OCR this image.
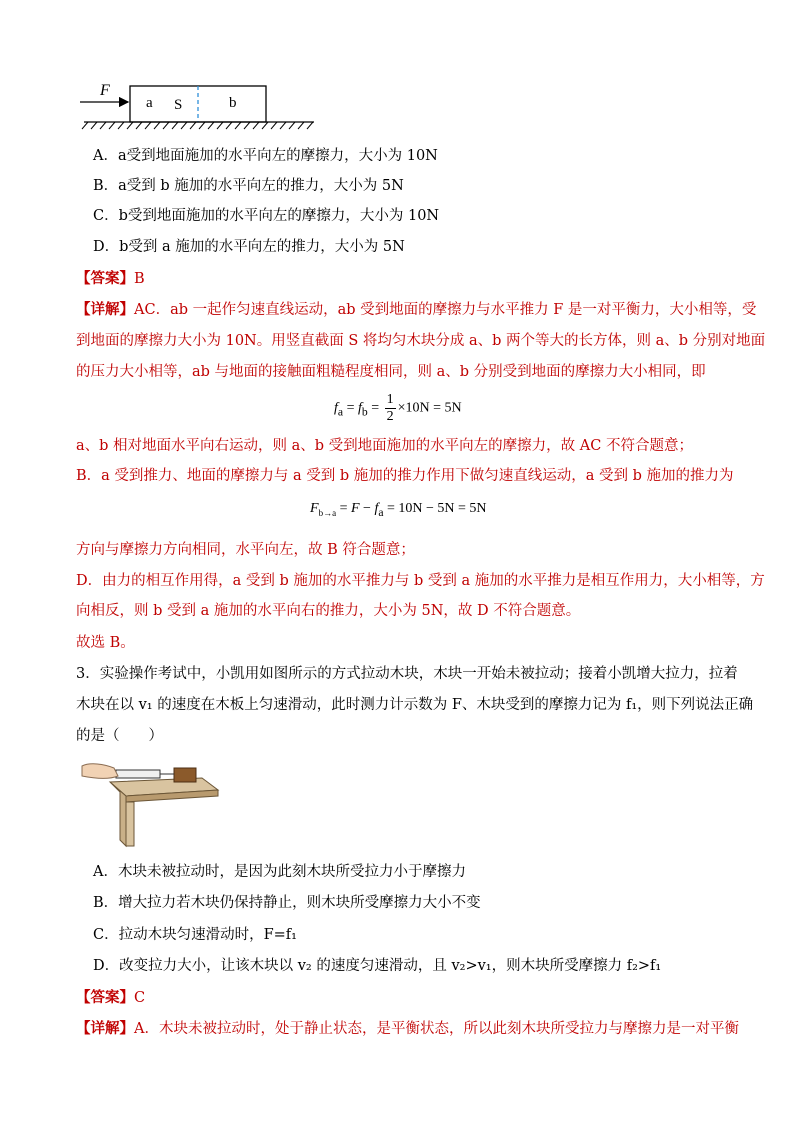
F
a S	b
A．a受到地面施加的水平向左的摩擦力，大小为 10N
B．a受到 b 施加的水平向左的推力，大小为 5N
C．b受到地面施加的水平向左的摩擦力，大小为 10N
D．b受到 a 施加的水平向左的推力，大小为 5N
【答案】B
【详解】AC．ab 一起作匀速直线运动，ab 受到地面的摩擦力与水平推力 F 是一对平衡力，大小相等，受
到地面的摩擦力大小为 10N。用竖直截面 S 将均匀木块分成 a、b 两个等大的长方体，则 a、b 分别对地面
的压力大小相等，ab 与地面的接触面粗糙程度相同，则 a、b 分别受到地面的摩擦力大小相同，即
$f_a = f_b = \frac{1}{2} \times 10N = 5N$
a、b 相对地面水平向右运动，则 a、b 受到地面施加的水平向左的摩擦力，故 AC 不符合题意；
B．a 受到推力、地面的摩擦力与 a 受到 b 施加的推力作用下做匀速直线运动，a 受到 b 施加的推力为
$F_{b\to a} = F - f_a = 10N - 5N = 5N$
方向与摩擦力方向相同，水平向左，故 B 符合题意；
D．由力的相互作用得，a 受到 b 施加的水平推力与 b 受到 a 施加的水平推力是相互作用力，大小相等，方
向相反，则 b 受到 a 施加的水平向右的推力，大小为 5N，故 D 不符合题意。
故选 B。
3．实验操作考试中，小凯用如图所示的方式拉动木块，木块一开始未被拉动；接着小凯增大拉力，拉着
木块在以 v₁ 的速度在木板上匀速滑动，此时测力计示数为 F、木块受到的摩擦力记为 f₁，则下列说法正确
的是（　　）
A．木块未被拉动时，是因为此刻木块所受拉力小于摩擦力
B．增大拉力若木块仍保持静止，则木块所受摩擦力大小不变
C．拉动木块匀速滑动时，F=f₁
D．改变拉力大小，让该木块以 v₂ 的速度匀速滑动，且 v₂>v₁，则木块所受摩擦力 f₂>f₁
【答案】C
【详解】A．木块未被拉动时，处于静止状态，是平衡状态，所以此刻木块所受拉力与摩擦力是一对平衡
